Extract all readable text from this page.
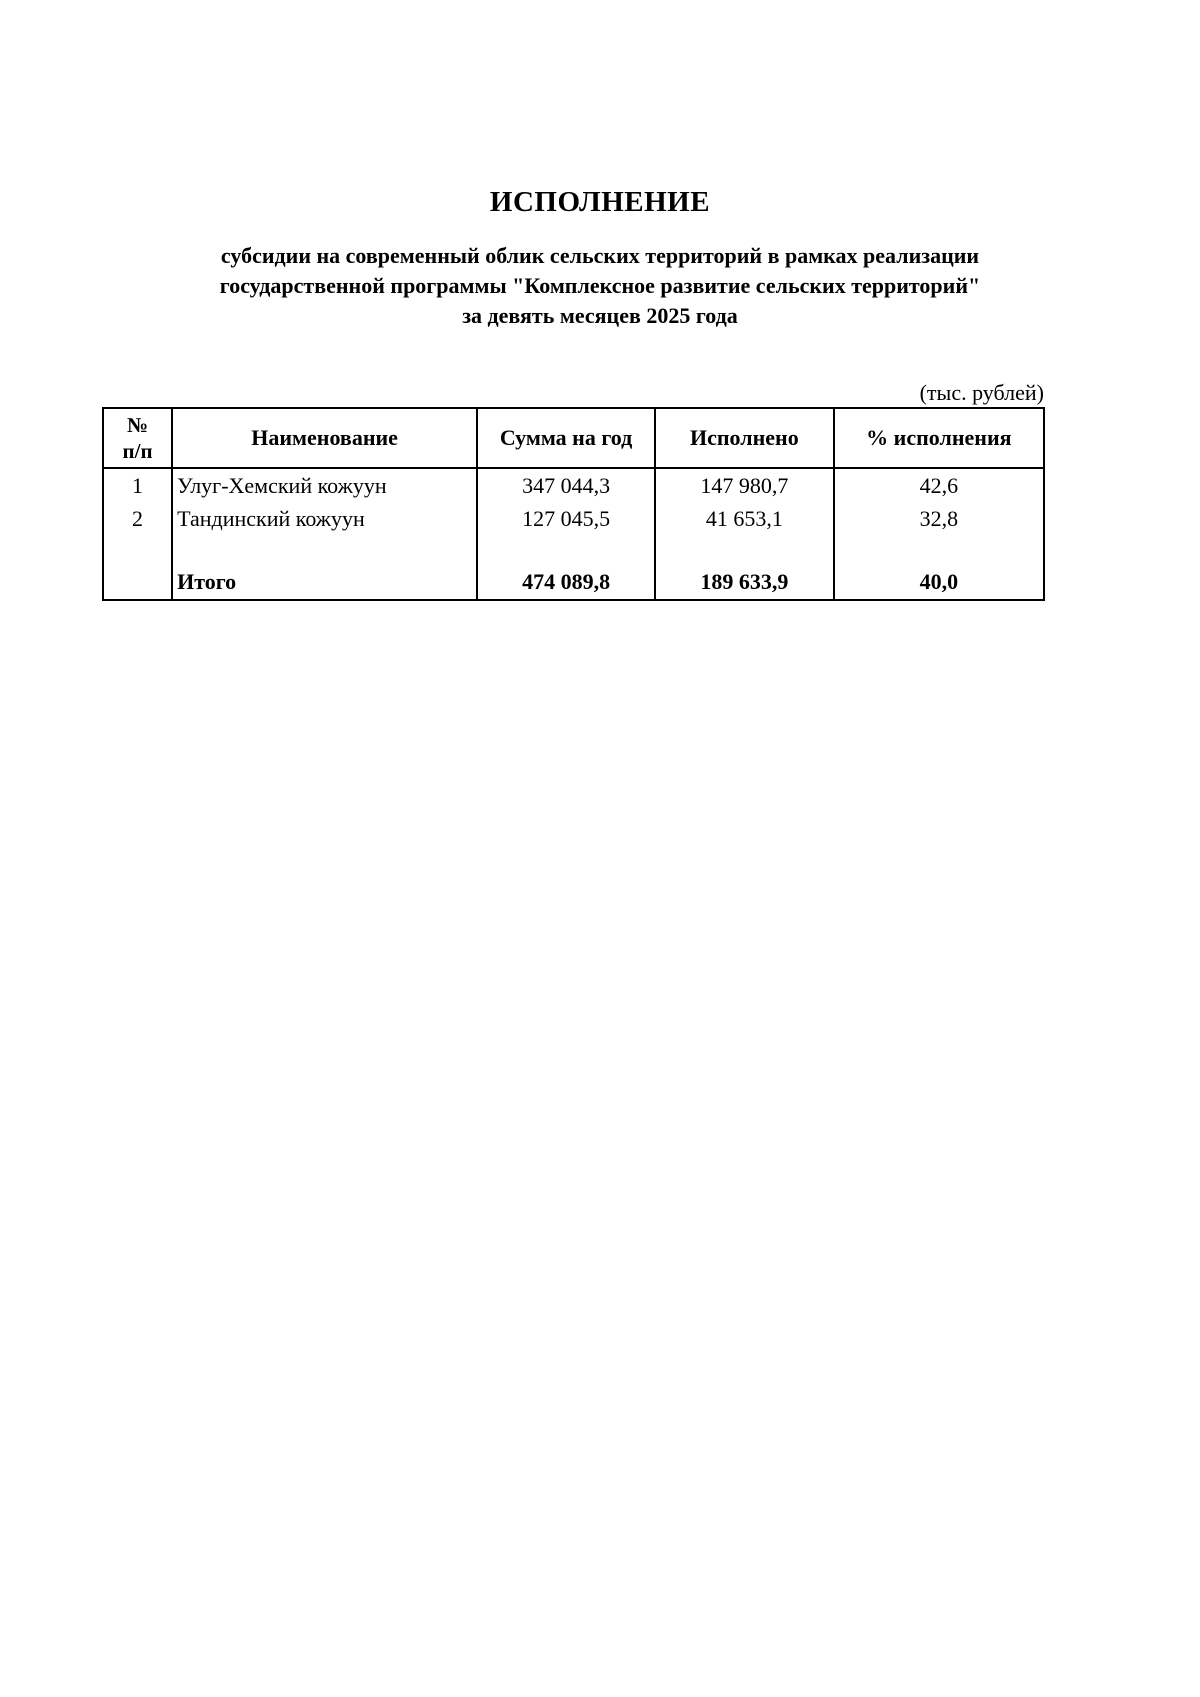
ИСПОЛНЕНИЕ
субсидии на современный облик сельских территорий в рамках реализации
государственной программы "Комплексное развитие сельских территорий"
за девять месяцев 2025 года
(тыс. рублей)
№
п/п	Наименование	Сумма на год	Исполнено	% исполнения
1	Улуг-Хемский кожуун	347 044,3	147 980,7	42,6
2	Тандинский кожуун	127 045,5	41 653,1	32,8

	Итого	474 089,8	189 633,9	40,0
